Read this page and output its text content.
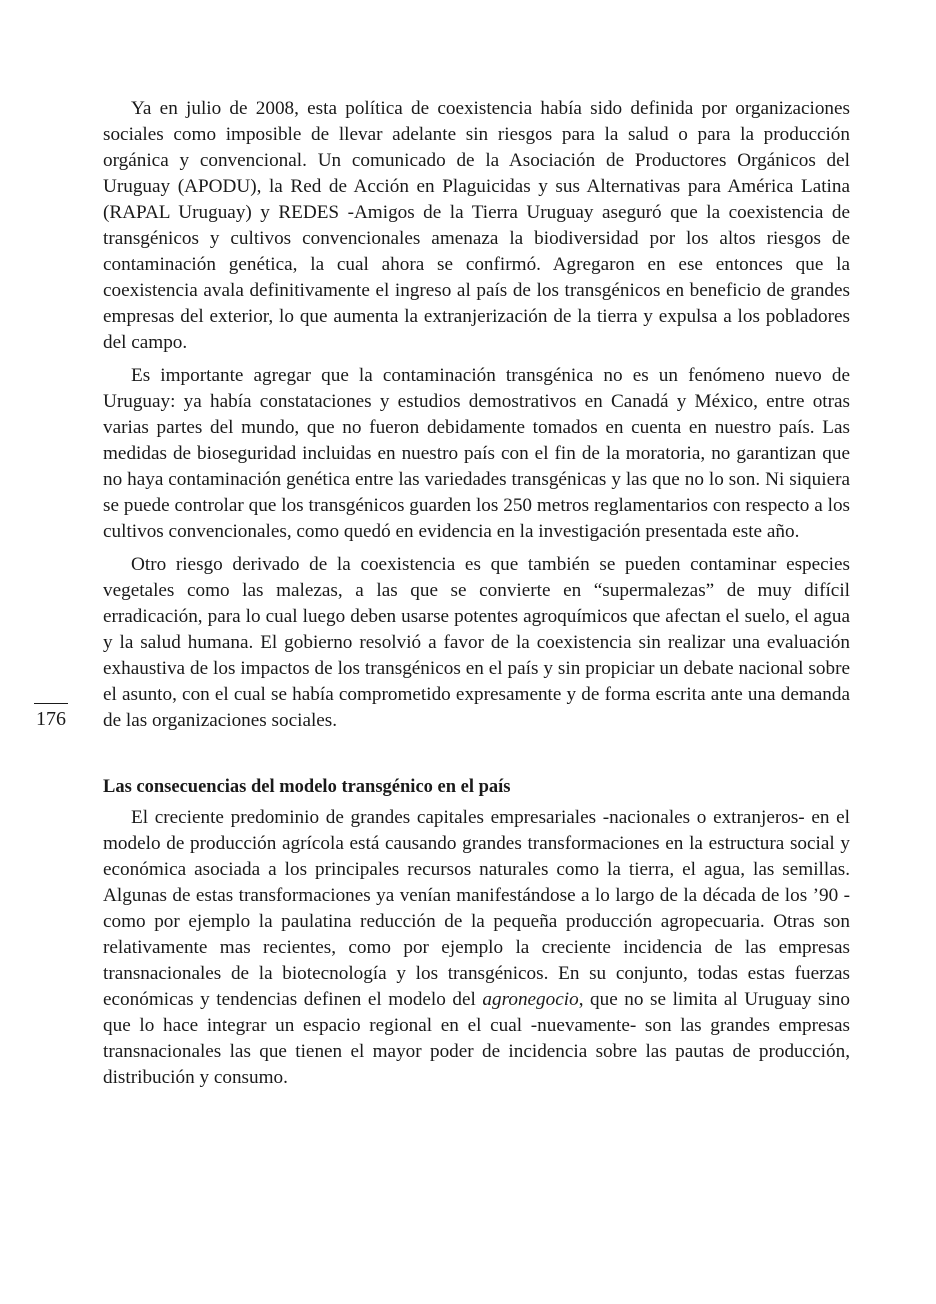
176

Ya en julio de 2008, esta política de coexistencia había sido definida por organizaciones sociales como imposible de llevar adelante sin riesgos para la salud o para la producción orgánica y convencional. Un comunicado de la Asociación de Productores Orgánicos del Uruguay (APODU), la Red de Acción en Plaguicidas y sus Alternativas para América Latina (RAPAL Uruguay) y REDES -Amigos de la Tierra Uruguay aseguró que la coexistencia de transgénicos y cultivos convencionales amenaza la biodiversidad por los altos riesgos de contaminación genética, la cual ahora se confirmó. Agregaron en ese entonces que la coexistencia avala definitivamente el ingreso al país de los transgénicos en beneficio de grandes empresas del exterior, lo que aumenta la extranjerización de la tierra y expulsa a los pobladores del campo.

Es importante agregar que la contaminación transgénica no es un fenómeno nuevo de Uruguay: ya había constataciones y estudios demostrativos en Canadá y México, entre otras varias partes del mundo, que no fueron debidamente tomados en cuenta en nuestro país. Las medidas de bioseguridad incluidas en nuestro país con el fin de la moratoria, no garantizan que no haya contaminación genética entre las variedades transgénicas y las que no lo son. Ni siquiera se puede controlar que los transgénicos guarden los 250 metros reglamentarios con respecto a los cultivos convencionales, como quedó en evidencia en la investigación presentada este año.

Otro riesgo derivado de la coexistencia es que también se pueden contaminar especies vegetales como las malezas, a las que se convierte en “supermalezas” de muy difícil erradicación, para lo cual luego deben usarse potentes agroquímicos que afectan el suelo, el agua y la salud humana. El gobierno resolvió a favor de la coexistencia sin realizar una evaluación exhaustiva de los impactos de los transgénicos en el país y sin propiciar un debate nacional sobre el asunto, con el cual se había comprometido expresamente y de forma escrita ante una demanda de las organizaciones sociales.

Las consecuencias del modelo transgénico en el país

El creciente predominio de grandes capitales empresariales -nacionales o extranjeros- en el modelo de producción agrícola está causando grandes transformaciones en la estructura social y económica asociada a los principales recursos naturales como la tierra, el agua, las semillas. Algunas de estas transformaciones ya venían manifestándose a lo largo de la década de los ’90 -como por ejemplo la paulatina reducción de la pequeña producción agropecuaria. Otras son relativamente mas recientes, como por ejemplo la creciente incidencia de las empresas transnacionales de la biotecnología y los transgénicos. En su conjunto, todas estas fuerzas económicas y tendencias definen el modelo del agronegocio, que no se limita al Uruguay sino que lo hace integrar un espacio regional en el cual -nuevamente- son las grandes empresas transnacionales las que tienen el mayor poder de incidencia sobre las pautas de producción, distribución y consumo.
